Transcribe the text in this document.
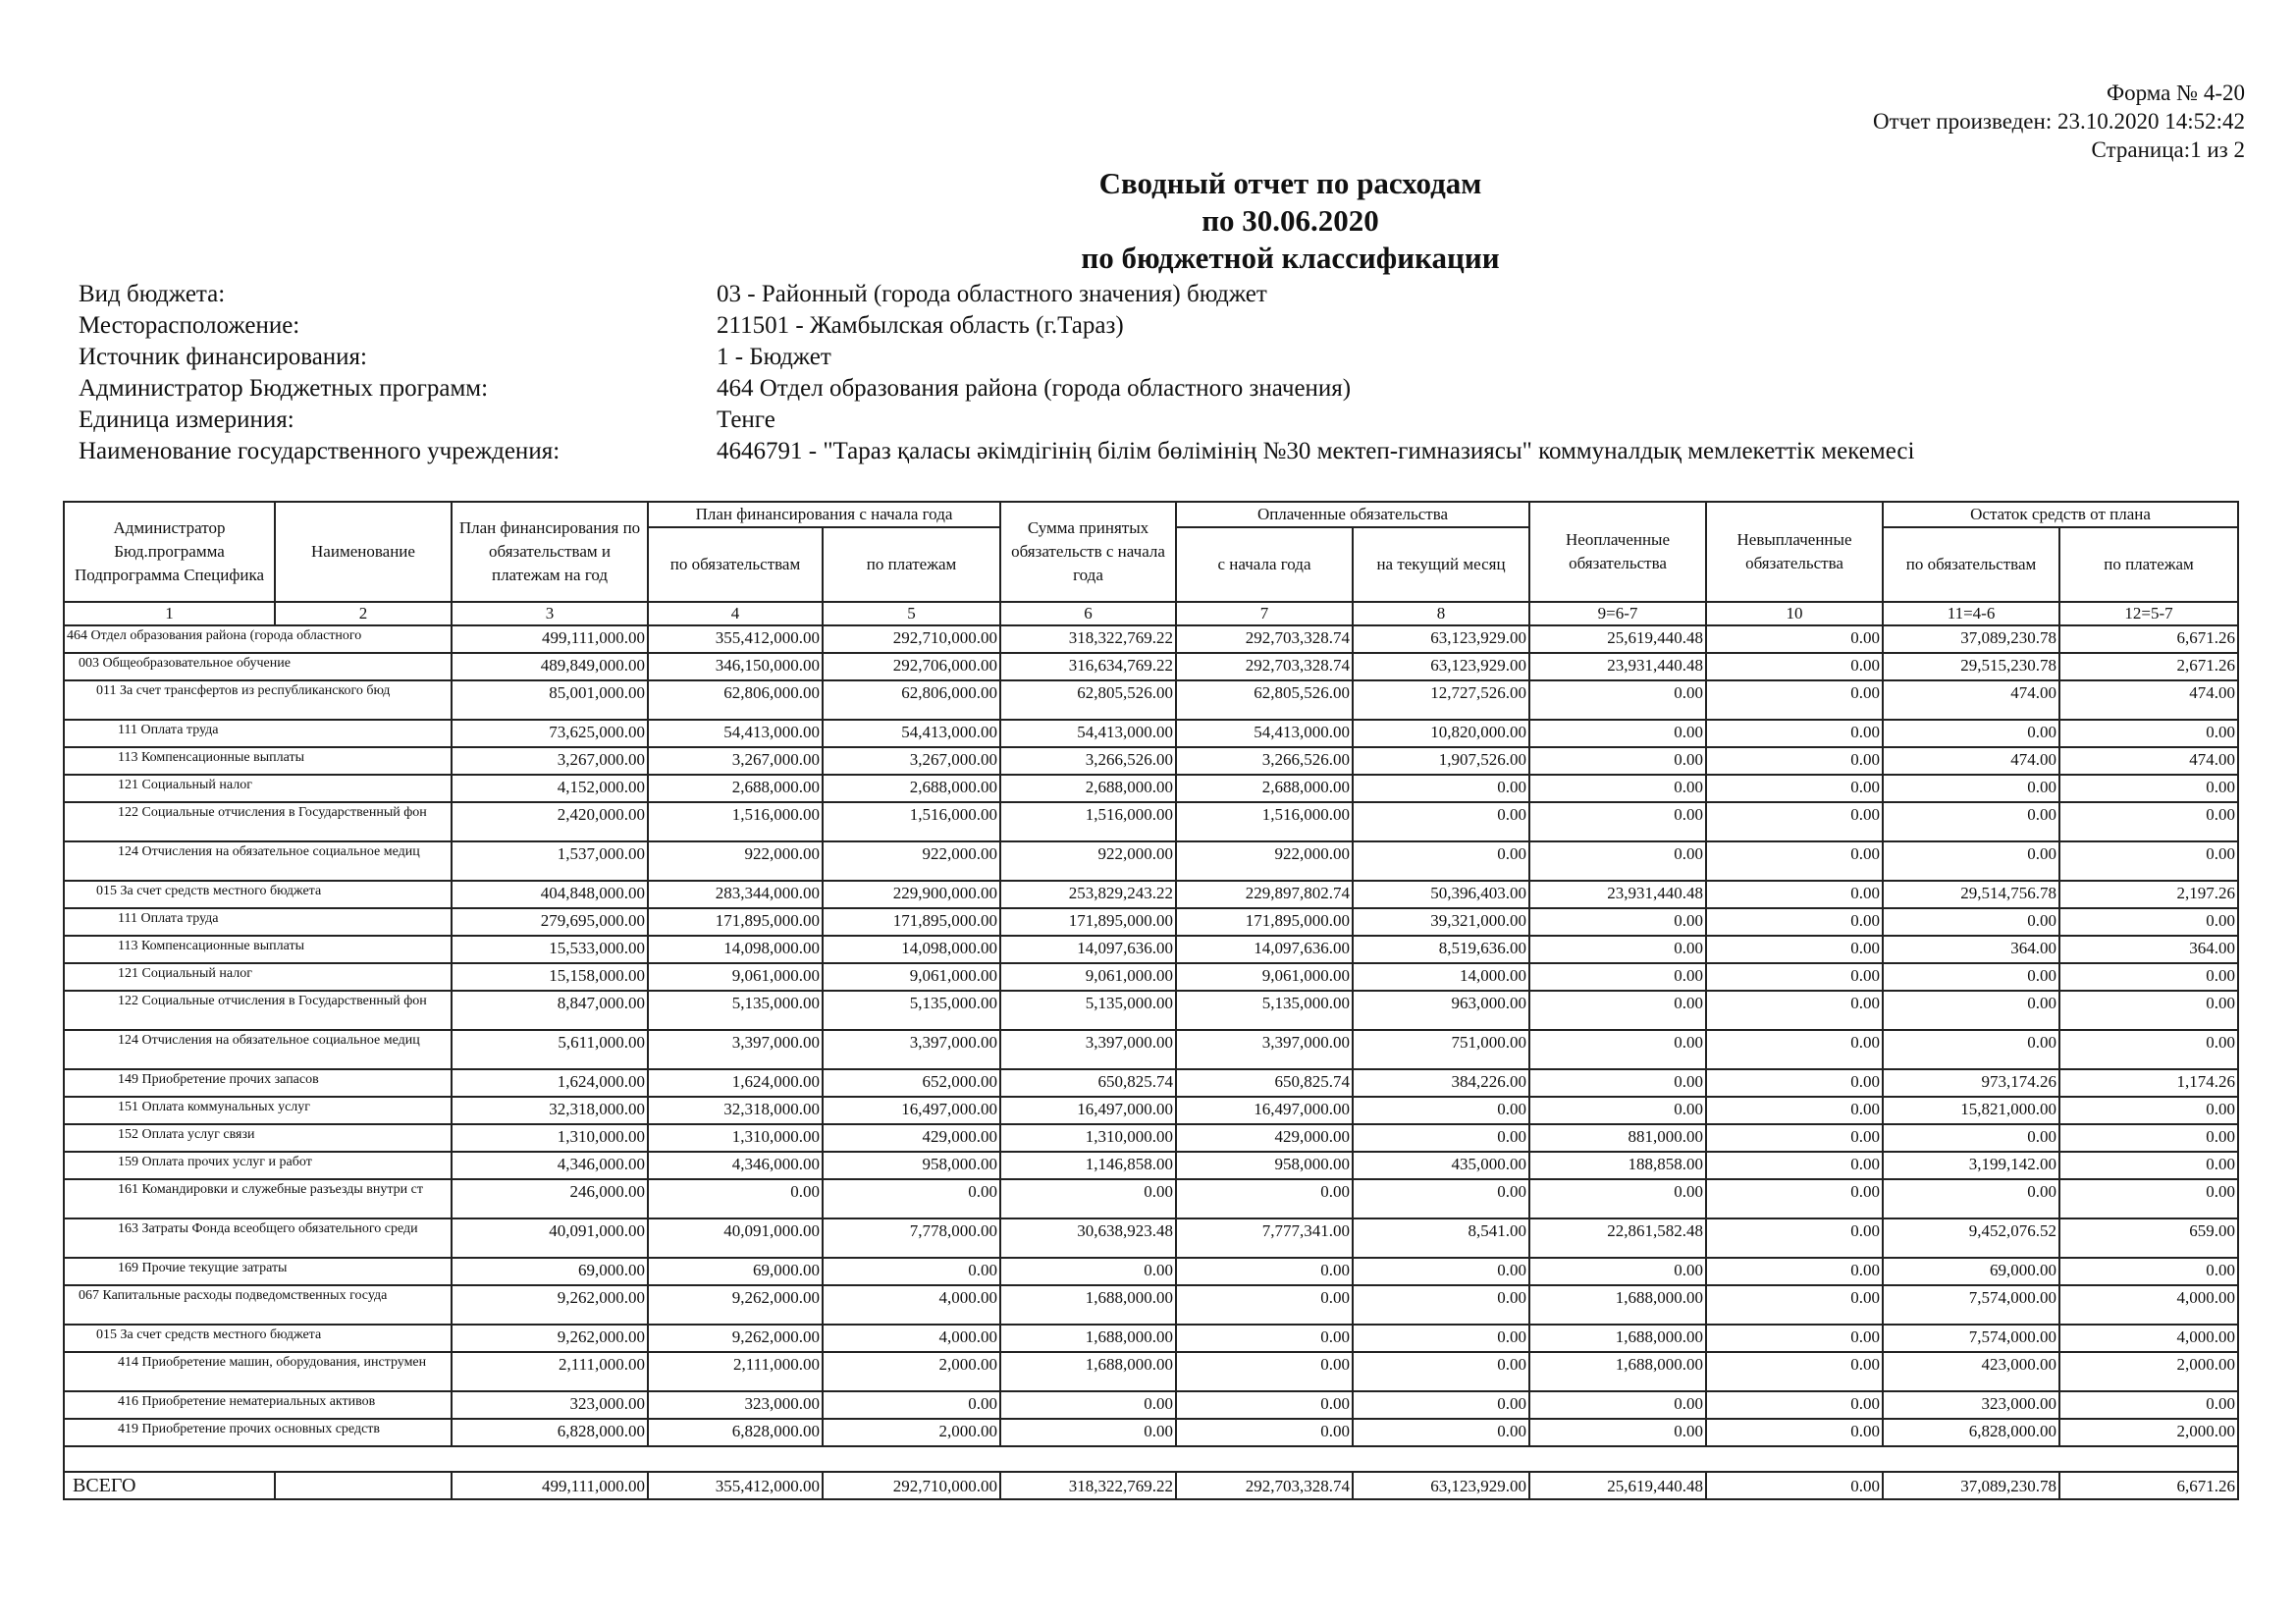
Форма № 4-20
Отчет произведен: 23.10.2020 14:52:42
Страница:1 из 2
Сводный отчет по расходам
по 30.06.2020
по бюджетной классификации
Вид бюджета:	03 - Районный (города областного значения) бюджет
Месторасположение:	211501 - Жамбылская область (г.Тараз)
Источник финансирования:	1 - Бюджет
Администратор Бюджетных программ:	464 Отдел образования района (города областного значения)
Единица измериния:	Тенге
Наименование государственного учреждения:	4646791 - "Тараз қаласы әкімдігінің білім бөлімінің №30 мектеп-гимназиясы" коммуналдық мемлекеттік мекемесі
Администратор Бюд.программа Подпрограмма Специфика	Наименование	План финансирования по обязательствам и платежам на год	План финансирования с начала года		Сумма принятых обязательств с начала года	Оплаченные обязательства		Неоплаченные обязательства	Невыплаченные обязательства	Остаток средств от плана	
			по обязательствам	по платежам		с начала года	на текущий месяц			по обязательствам	по платежам
1	2	3	4	5	6	7	8	9=6-7	10	11=4-6	12=5-7
464 Отдел образования района (города областного		499,111,000.00	355,412,000.00	292,710,000.00	318,322,769.22	292,703,328.74	63,123,929.00	25,619,440.48	0.00	37,089,230.78	6,671.26
003 Общеобразовательное обучение		489,849,000.00	346,150,000.00	292,706,000.00	316,634,769.22	292,703,328.74	63,123,929.00	23,931,440.48	0.00	29,515,230.78	2,671.26
011 За счет трансфертов из республиканского бюд		85,001,000.00	62,806,000.00	62,806,000.00	62,805,526.00	62,805,526.00	12,727,526.00	0.00	0.00	474.00	474.00
111 Оплата труда		73,625,000.00	54,413,000.00	54,413,000.00	54,413,000.00	54,413,000.00	10,820,000.00	0.00	0.00	0.00	0.00
113 Компенсационные выплаты		3,267,000.00	3,267,000.00	3,267,000.00	3,266,526.00	3,266,526.00	1,907,526.00	0.00	0.00	474.00	474.00
121 Социальный налог		4,152,000.00	2,688,000.00	2,688,000.00	2,688,000.00	2,688,000.00	0.00	0.00	0.00	0.00	0.00
122 Социальные отчисления в Государственный фон		2,420,000.00	1,516,000.00	1,516,000.00	1,516,000.00	1,516,000.00	0.00	0.00	0.00	0.00	0.00
124 Отчисления на обязательное социальное медиц		1,537,000.00	922,000.00	922,000.00	922,000.00	922,000.00	0.00	0.00	0.00	0.00	0.00
015 За счет средств местного бюджета		404,848,000.00	283,344,000.00	229,900,000.00	253,829,243.22	229,897,802.74	50,396,403.00	23,931,440.48	0.00	29,514,756.78	2,197.26
111 Оплата труда		279,695,000.00	171,895,000.00	171,895,000.00	171,895,000.00	171,895,000.00	39,321,000.00	0.00	0.00	0.00	0.00
113 Компенсационные выплаты		15,533,000.00	14,098,000.00	14,098,000.00	14,097,636.00	14,097,636.00	8,519,636.00	0.00	0.00	364.00	364.00
121 Социальный налог		15,158,000.00	9,061,000.00	9,061,000.00	9,061,000.00	9,061,000.00	14,000.00	0.00	0.00	0.00	0.00
122 Социальные отчисления в Государственный фон		8,847,000.00	5,135,000.00	5,135,000.00	5,135,000.00	5,135,000.00	963,000.00	0.00	0.00	0.00	0.00
124 Отчисления на обязательное социальное медиц		5,611,000.00	3,397,000.00	3,397,000.00	3,397,000.00	3,397,000.00	751,000.00	0.00	0.00	0.00	0.00
149 Приобретение прочих запасов		1,624,000.00	1,624,000.00	652,000.00	650,825.74	650,825.74	384,226.00	0.00	0.00	973,174.26	1,174.26
151 Оплата коммунальных услуг		32,318,000.00	32,318,000.00	16,497,000.00	16,497,000.00	16,497,000.00	0.00	0.00	0.00	15,821,000.00	0.00
152 Оплата услуг связи		1,310,000.00	1,310,000.00	429,000.00	1,310,000.00	429,000.00	0.00	881,000.00	0.00	0.00	0.00
159 Оплата прочих услуг и работ		4,346,000.00	4,346,000.00	958,000.00	1,146,858.00	958,000.00	435,000.00	188,858.00	0.00	3,199,142.00	0.00
161 Командировки и служебные разъезды внутри ст		246,000.00	0.00	0.00	0.00	0.00	0.00	0.00	0.00	0.00	0.00
163 Затраты Фонда всеобщего обязательного среди		40,091,000.00	40,091,000.00	7,778,000.00	30,638,923.48	7,777,341.00	8,541.00	22,861,582.48	0.00	9,452,076.52	659.00
169 Прочие текущие затраты		69,000.00	69,000.00	0.00	0.00	0.00	0.00	0.00	0.00	69,000.00	0.00
067 Капитальные расходы подведомственных госуда		9,262,000.00	9,262,000.00	4,000.00	1,688,000.00	0.00	0.00	1,688,000.00	0.00	7,574,000.00	4,000.00
015 За счет средств местного бюджета		9,262,000.00	9,262,000.00	4,000.00	1,688,000.00	0.00	0.00	1,688,000.00	0.00	7,574,000.00	4,000.00
414 Приобретение машин, оборудования, инструмен		2,111,000.00	2,111,000.00	2,000.00	1,688,000.00	0.00	0.00	1,688,000.00	0.00	423,000.00	2,000.00
416 Приобретение нематериальных активов		323,000.00	323,000.00	0.00	0.00	0.00	0.00	0.00	0.00	323,000.00	0.00
419 Приобретение прочих основных средств		6,828,000.00	6,828,000.00	2,000.00	0.00	0.00	0.00	0.00	0.00	6,828,000.00	2,000.00

ВСЕГО		499,111,000.00	355,412,000.00	292,710,000.00	318,322,769.22	292,703,328.74	63,123,929.00	25,619,440.48	0.00	37,089,230.78	6,671.26
